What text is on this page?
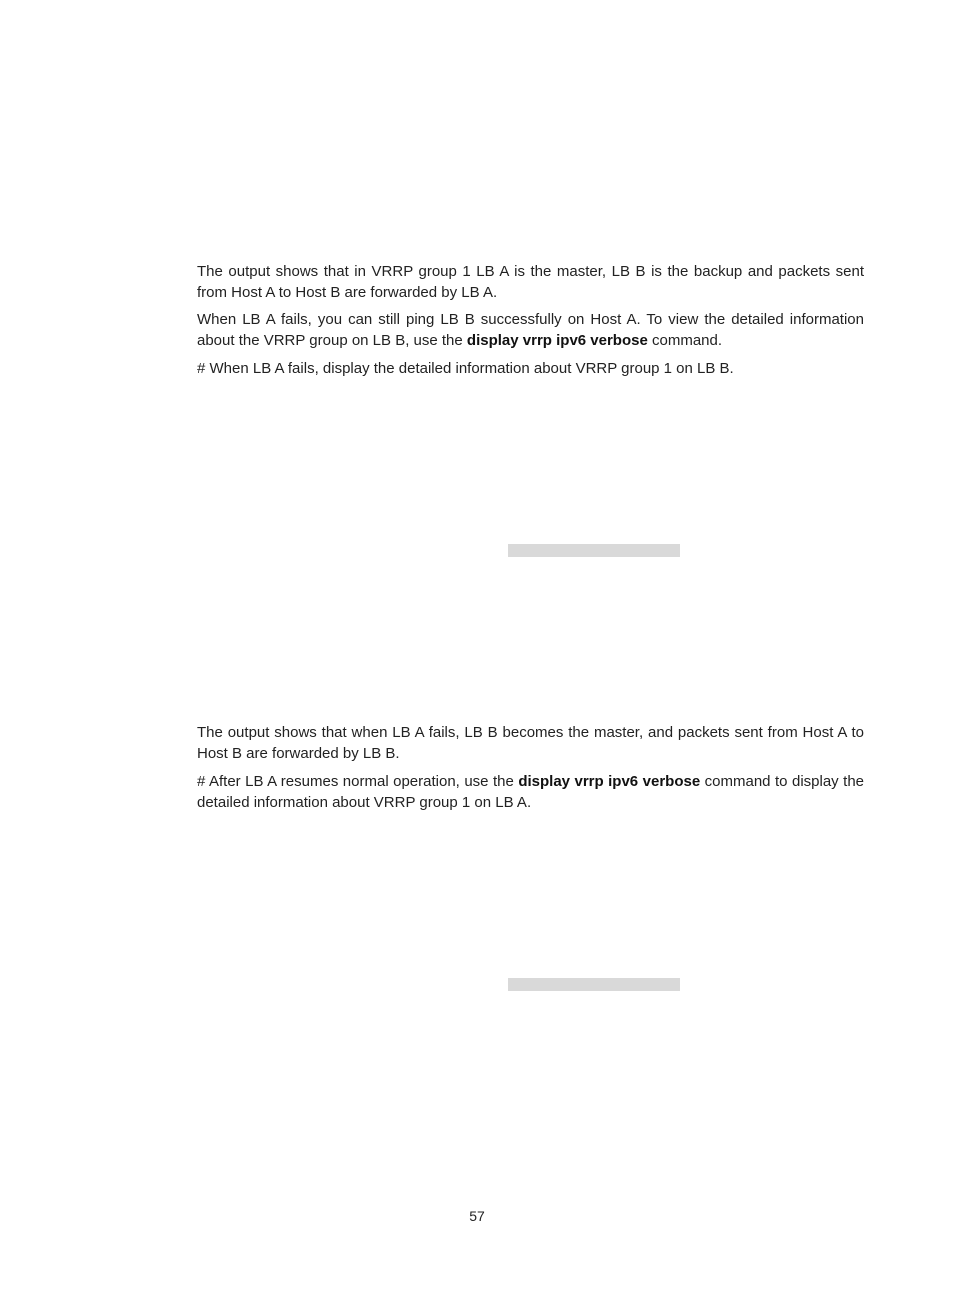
The output shows that in VRRP group 1 LB A is the master, LB B is the backup and packets sent from Host A to Host B are forwarded by LB A.

When LB A fails, you can still ping LB B successfully on Host A. To view the detailed information about the VRRP group on LB B, use the display vrrp ipv6 verbose command.

# When LB A fails, display the detailed information about VRRP group 1 on LB B.

The output shows that when LB A fails, LB B becomes the master, and packets sent from Host A to Host B are forwarded by LB B.

# After LB A resumes normal operation, use the display vrrp ipv6 verbose command to display the detailed information about VRRP group 1 on LB A.

57
